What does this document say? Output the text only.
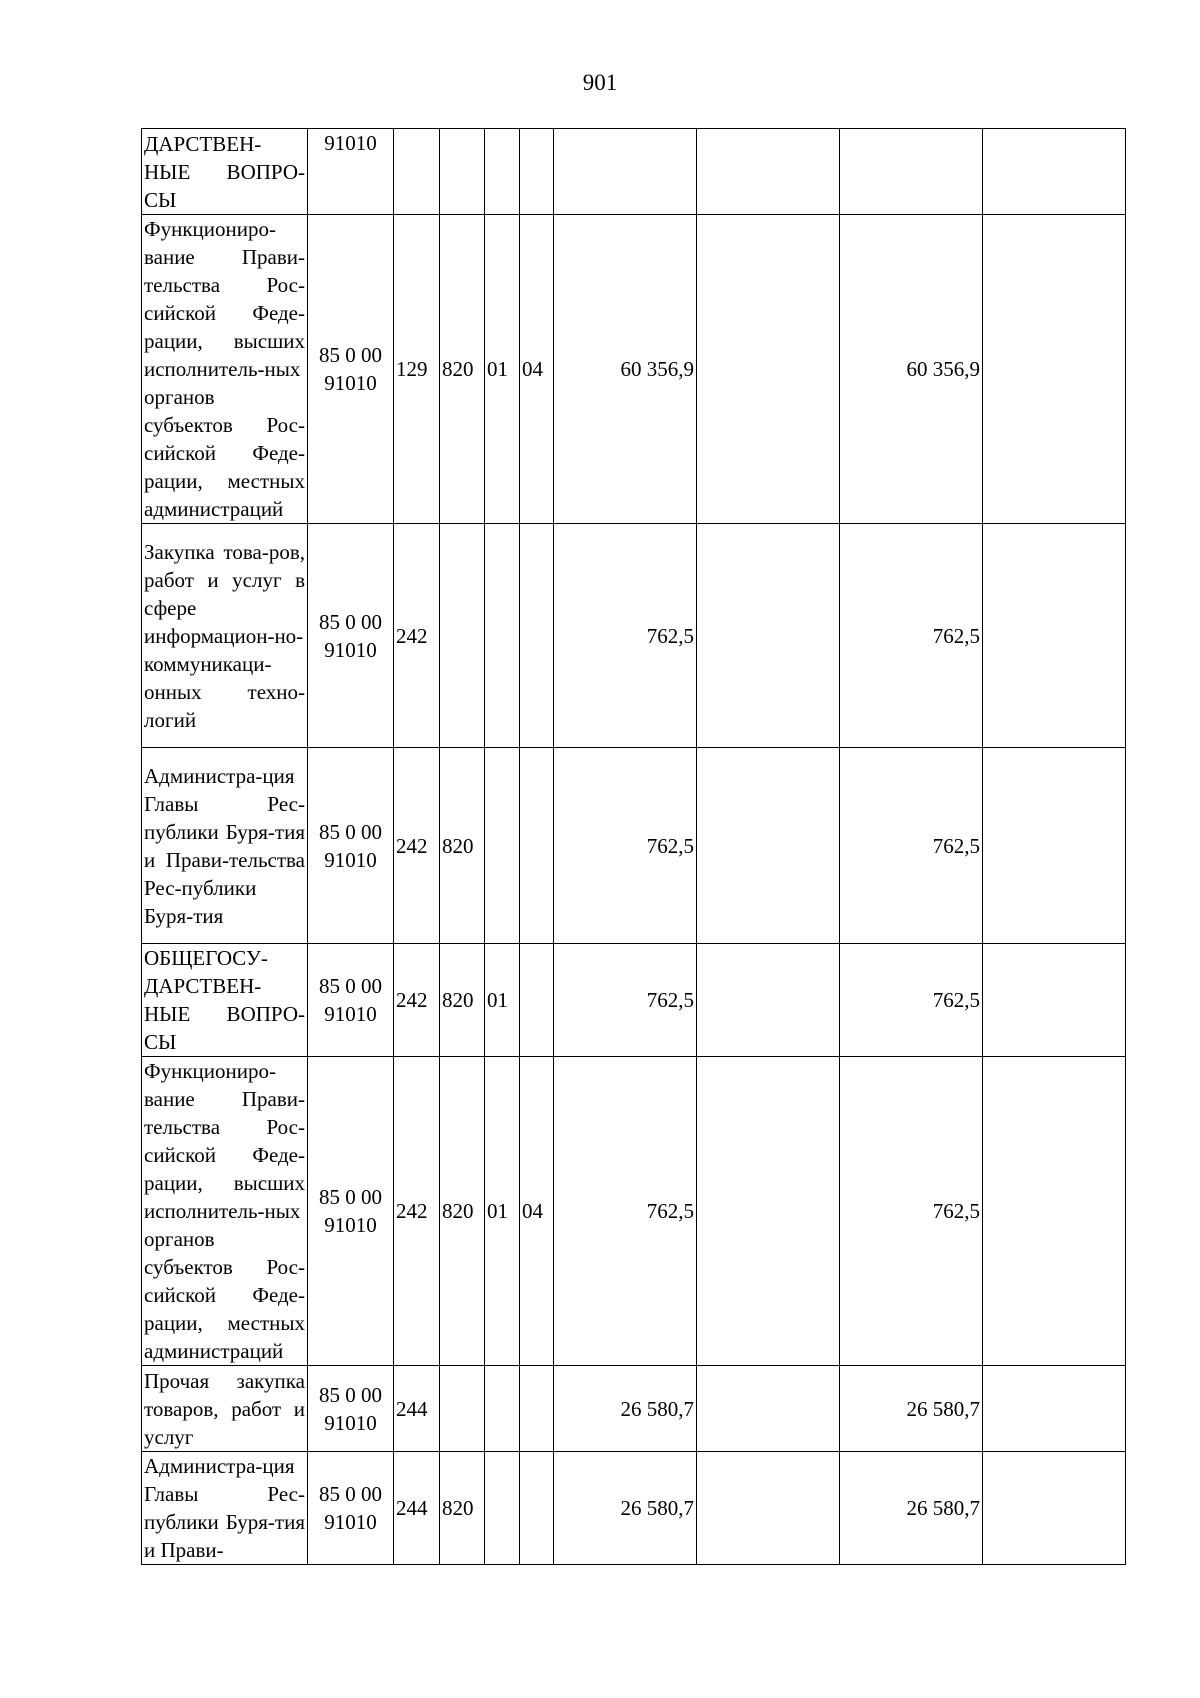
901
ДАРСТВЕН-НЫЕ ВОПРО-СЫ	91010								
Функциониро-вание Прави-тельства Рос-сийской Феде-рации, высших исполнитель-ных органов субъектов Рос-сийской Феде-рации, местных администраций	85 0 00 91010	129	820	01	04	60 356,9		60 356,9	
Закупка това-ров, работ и услуг в сфере информацион-но-коммуникаци-онных техно-логий	85 0 00 91010	242				762,5		762,5	
Администра-ция Главы Рес-публики Буря-тия и Прави-тельства Рес-публики Буря-тия	85 0 00 91010	242	820			762,5		762,5	
ОБЩЕГОСУ-ДАРСТВЕН-НЫЕ ВОПРО-СЫ	85 0 00 91010	242	820	01		762,5		762,5	
Функциониро-вание Прави-тельства Рос-сийской Феде-рации, высших исполнитель-ных органов субъектов Рос-сийской Феде-рации, местных администраций	85 0 00 91010	242	820	01	04	762,5		762,5	
Прочая закупка товаров, работ и услуг	85 0 00 91010	244				26 580,7		26 580,7	
Администра-ция Главы Рес-публики Буря-тия и Прави-	85 0 00 91010	244	820			26 580,7		26 580,7	
